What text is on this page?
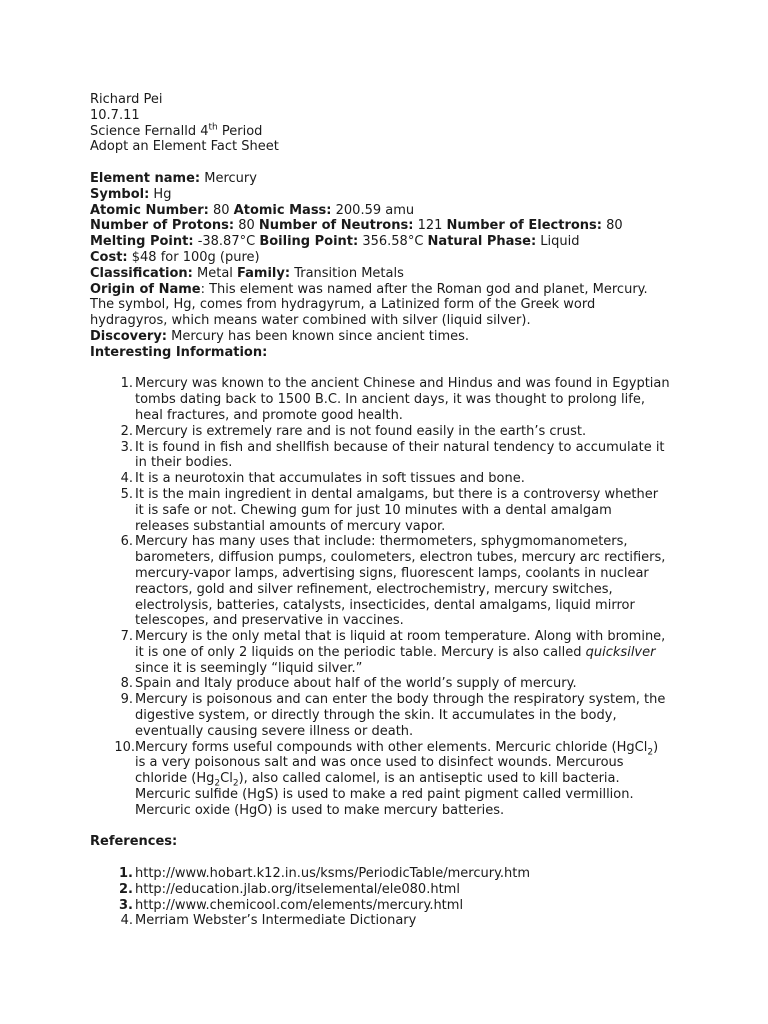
Richard Pei
10.7.11
Science Fernalld 4th Period
Adopt an Element Fact Sheet
Element name: Mercury
Symbol: Hg
Atomic Number: 80 Atomic Mass: 200.59 amu
Number of Protons: 80 Number of Neutrons: 121 Number of Electrons: 80
Melting Point: -38.87°C Boiling Point: 356.58°C Natural Phase: Liquid
Cost: $48 for 100g (pure)
Classification: Metal Family: Transition Metals
Origin of Name: This element was named after the Roman god and planet, Mercury.
The symbol, Hg, comes from hydragyrum, a Latinized form of the Greek word
hydragyros, which means water combined with silver (liquid silver).
Discovery: Mercury has been known since ancient times.
Interesting Information:
1. Mercury was known to the ancient Chinese and Hindus and was found in Egyptian
tombs dating back to 1500 B.C. In ancient days, it was thought to prolong life,
heal fractures, and promote good health.
2. Mercury is extremely rare and is not found easily in the earth’s crust.
3. It is found in fish and shellfish because of their natural tendency to accumulate it
in their bodies.
4. It is a neurotoxin that accumulates in soft tissues and bone.
5. It is the main ingredient in dental amalgams, but there is a controversy whether
it is safe or not. Chewing gum for just 10 minutes with a dental amalgam
releases substantial amounts of mercury vapor.
6. Mercury has many uses that include: thermometers, sphygmomanometers,
barometers, diffusion pumps, coulometers, electron tubes, mercury arc rectifiers,
mercury-vapor lamps, advertising signs, fluorescent lamps, coolants in nuclear
reactors, gold and silver refinement, electrochemistry, mercury switches,
electrolysis, batteries, catalysts, insecticides, dental amalgams, liquid mirror
telescopes, and preservative in vaccines.
7. Mercury is the only metal that is liquid at room temperature. Along with bromine,
it is one of only 2 liquids on the periodic table. Mercury is also called quicksilver
since it is seemingly “liquid silver.”
8. Spain and Italy produce about half of the world’s supply of mercury.
9. Mercury is poisonous and can enter the body through the respiratory system, the
digestive system, or directly through the skin. It accumulates in the body,
eventually causing severe illness or death.
10. Mercury forms useful compounds with other elements. Mercuric chloride (HgCl$_2$)
is a very poisonous salt and was once used to disinfect wounds. Mercurous
chloride $(Hg_2Cl_2)$, also called calomel, is an antiseptic used to kill bacteria.
Mercuric sulfide (HgS) is used to make a red paint pigment called vermillion.
Mercuric oxide (HgO) is used to make mercury batteries.
References:
1. http://www.hobart.k12.in.us/ksms/PeriodicTable/mercury.htm
2. http://education.jlab.org/itselemental/ele080.html
3. http://www.chemicool.com/elements/mercury.html
4. Merriam Webster’s Intermediate Dictionary
